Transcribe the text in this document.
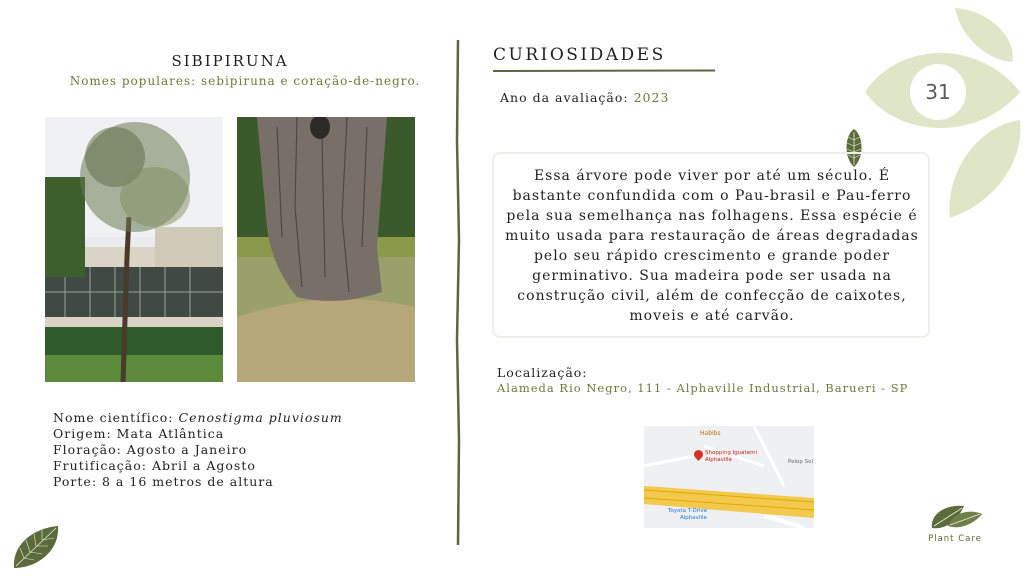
31
SIBIPIRUNA
Nomes populares: sebipiruna e coração-de-negro.
Nome científico: Cenostigma pluviosum
Origem: Mata Atlântica
Floração: Agosto a Janeiro
Frutificação: Abril a Agosto
Porte: 8 a 16 metros de altura
CURIOSIDADES
Ano da avaliação: 2023
Essa árvore pode viver por até um século. É bastante confundida com o Pau-brasil e Pau-ferro pela sua semelhança nas folhagens. Essa espécie é muito usada para restauração de áreas degradadas pelo seu rápido crescimento e grande poder germinativo. Sua madeira pode ser usada na construção civil, além de confecção de caixotes, moveis e até carvão.
Localização:
Alameda Rio Negro, 111 - Alphaville Industrial, Barueri - SP
Habibs
Shopping Iguatemi
Alphaville	Pelop Sol
Toyota T-Drive
Alphaville
Plant Care
